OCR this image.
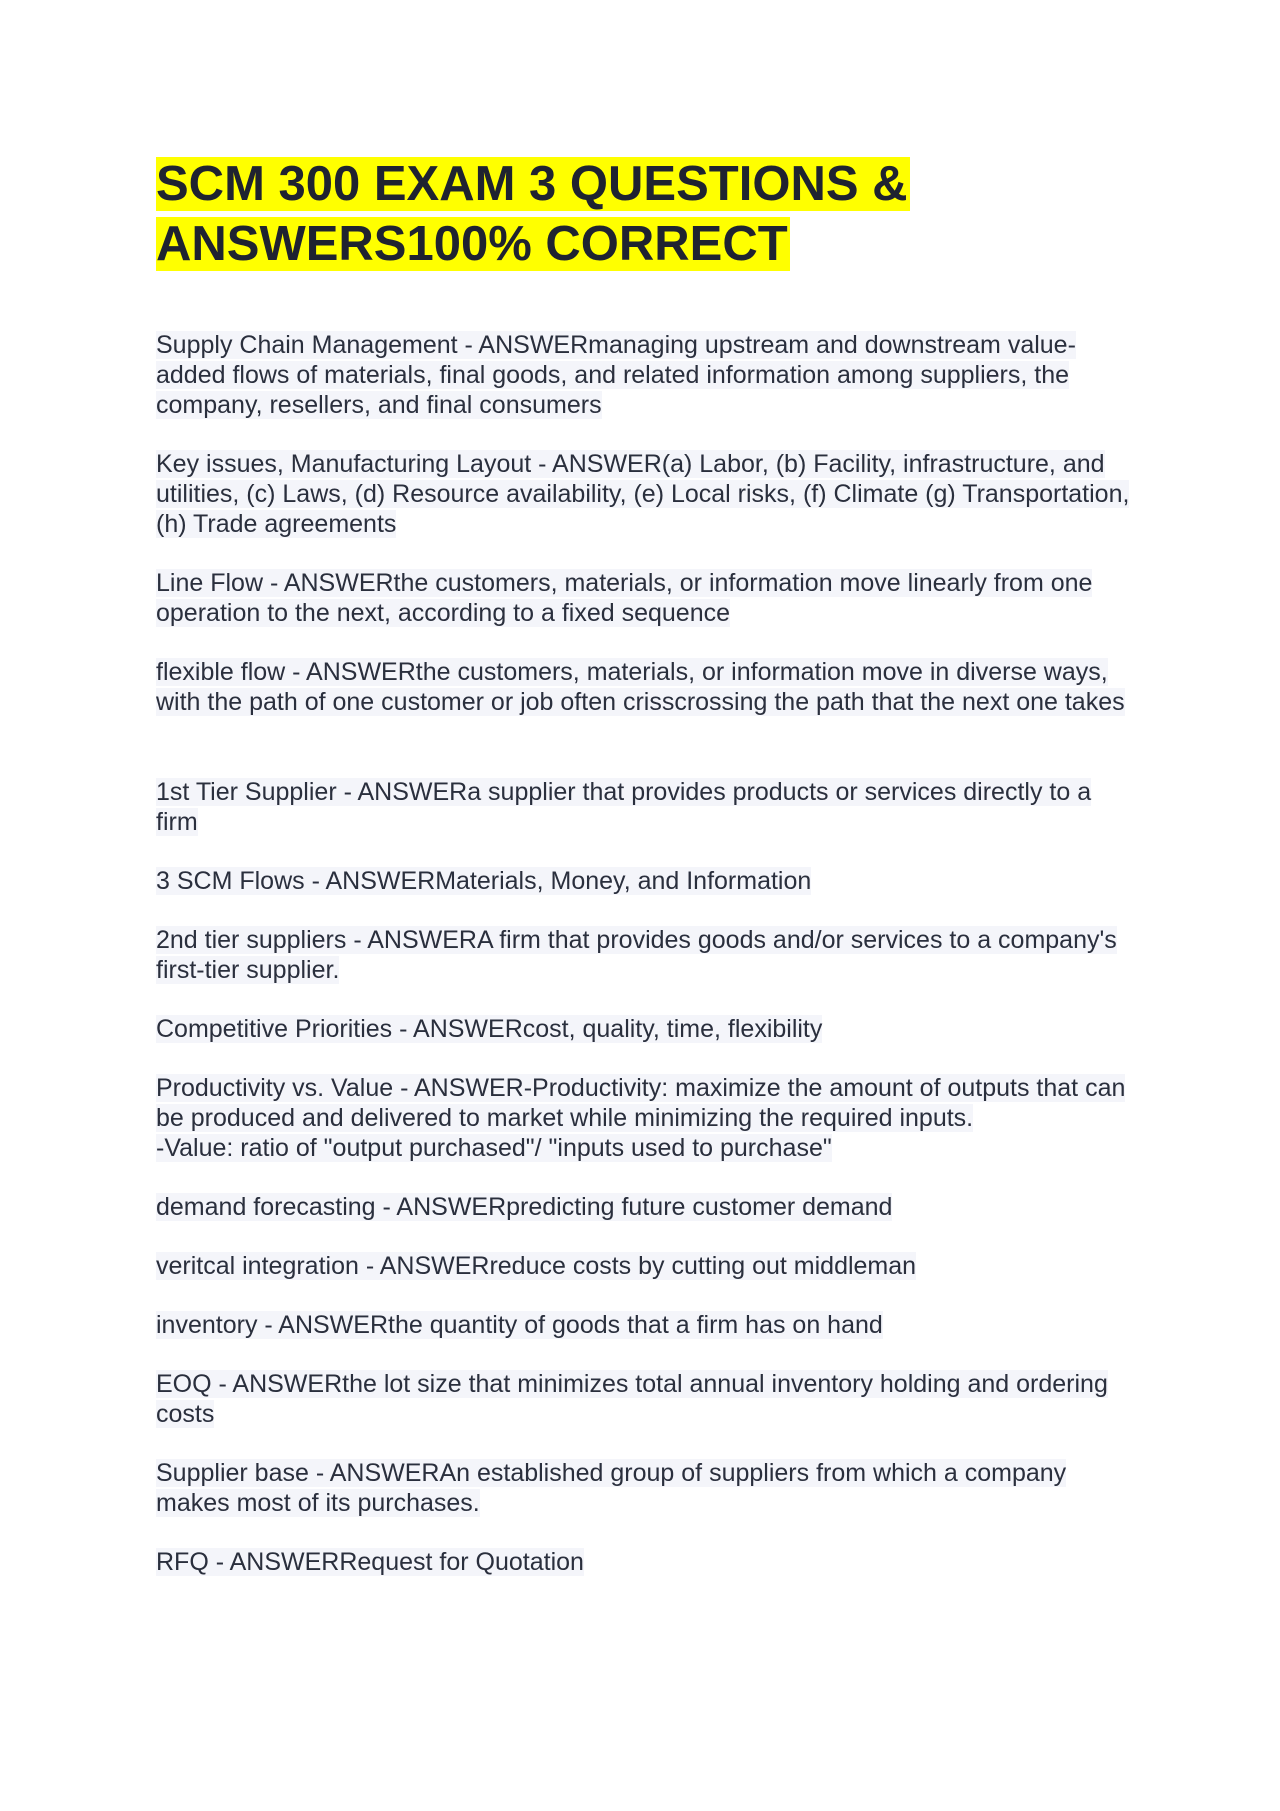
SCM 300 EXAM 3 QUESTIONS &
ANSWERS100% CORRECT

Supply Chain Management - ANSWERmanaging upstream and downstream value-added flows of materials, final goods, and related information among suppliers, the company, resellers, and final consumers

Key issues, Manufacturing Layout - ANSWER(a) Labor, (b) Facility, infrastructure, and utilities, (c) Laws, (d) Resource availability, (e) Local risks, (f) Climate (g) Transportation, (h) Trade agreements

Line Flow - ANSWERthe customers, materials, or information move linearly from one operation to the next, according to a fixed sequence

flexible flow - ANSWERthe customers, materials, or information move in diverse ways, with the path of one customer or job often crisscrossing the path that the next one takes

1st Tier Supplier - ANSWERa supplier that provides products or services directly to a firm

3 SCM Flows - ANSWERMaterials, Money, and Information

2nd tier suppliers - ANSWERA firm that provides goods and/or services to a company's first-tier supplier.

Competitive Priorities - ANSWERcost, quality, time, flexibility

Productivity vs. Value - ANSWER-Productivity: maximize the amount of outputs that can be produced and delivered to market while minimizing the required inputs.
-Value: ratio of "output purchased"/ "inputs used to purchase"

demand forecasting - ANSWERpredicting future customer demand

veritcal integration - ANSWERreduce costs by cutting out middleman

inventory - ANSWERthe quantity of goods that a firm has on hand

EOQ - ANSWERthe lot size that minimizes total annual inventory holding and ordering costs

Supplier base - ANSWERAn established group of suppliers from which a company makes most of its purchases.

RFQ - ANSWERRequest for Quotation
